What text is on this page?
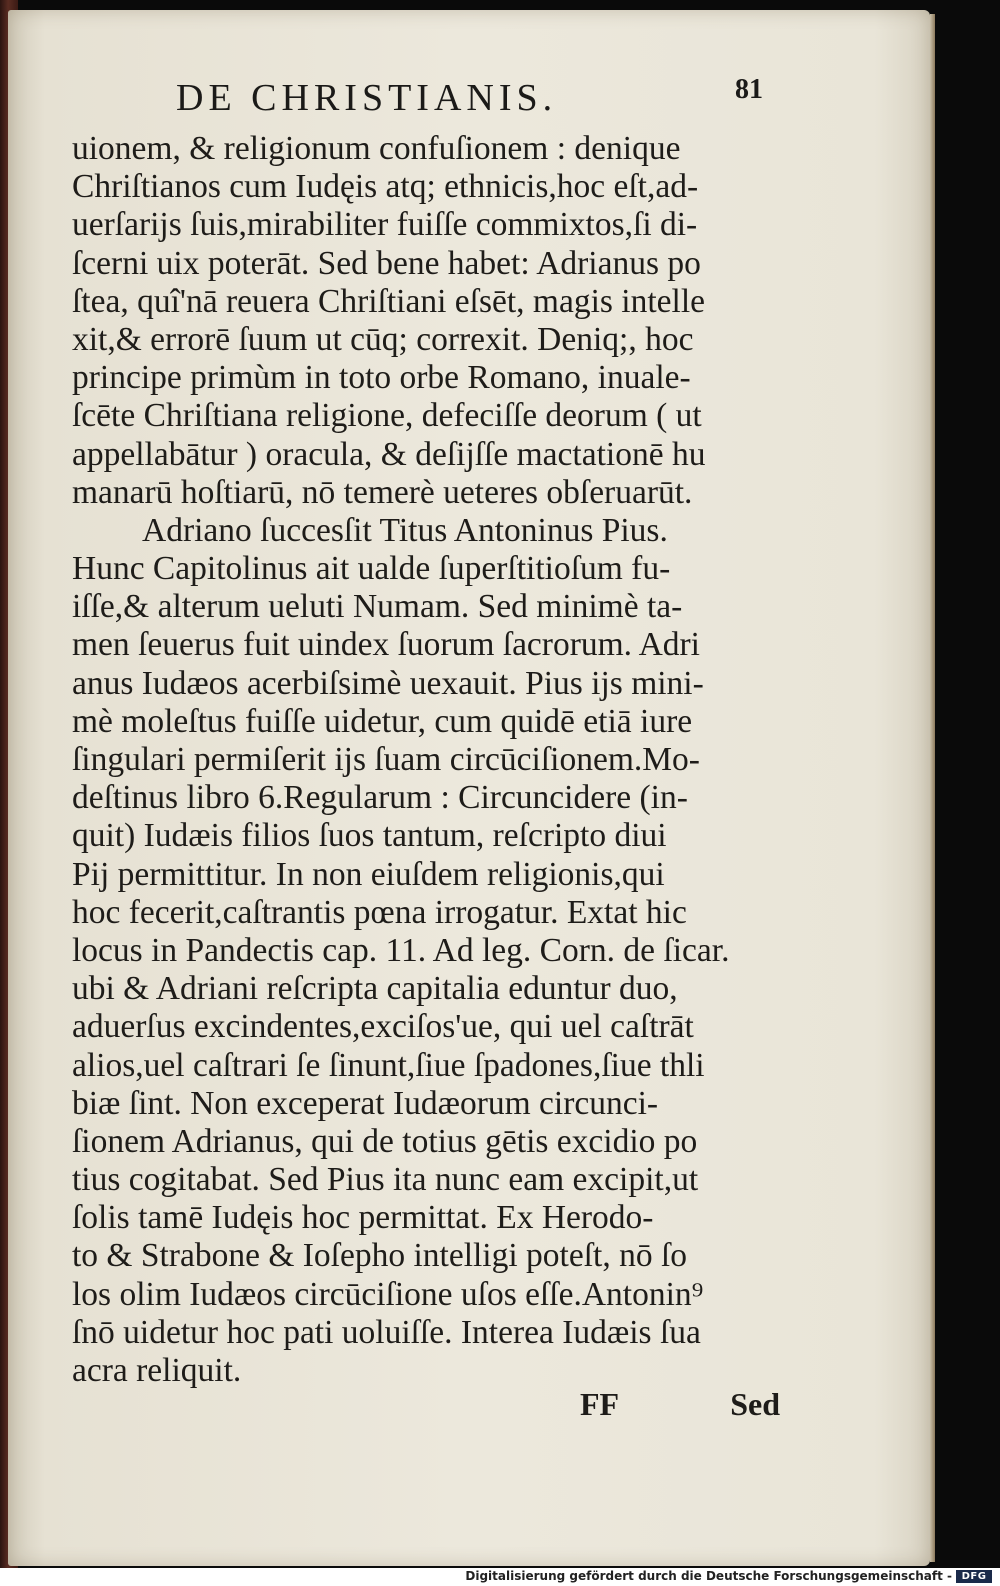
DE CHRISTIANIS.	81
uionem, & religionum confuſionem : denique
Chriſtianos cum Iudęis atq; ethnicis,hoc eſt,ad-
uerſarijs ſuis,mirabiliter fuiſſe commixtos,ſi di-
ſcerni uix poterāt. Sed bene habet: Adrianus po
ſtea, quî'nā reuera Chriſtiani eſsēt, magis intelle
xit,& errorē ſuum ut cūq; correxit. Deniq;, hoc
principe primùm in toto orbe Romano, inuale-
ſcēte Chriſtiana religione, defeciſſe deorum ( ut
appellabātur ) oracula, & deſijſſe mactationē hu
manarū hoſtiarū, nō temerè ueteres obſeruarūt.
Adriano ſuccesſit Titus Antoninus Pius.
Hunc Capitolinus ait ualde ſuperſtitioſum fu-
iſſe,& alterum ueluti Numam. Sed minimè ta-
men ſeuerus fuit uindex ſuorum ſacrorum. Adri
anus Iudæos acerbiſsimè uexauit. Pius ijs mini-
mè moleſtus fuiſſe uidetur, cum quidē etiā iure
ſingulari permiſerit ijs ſuam circūciſionem.Mo-
deſtinus libro 6.Regularum : Circuncidere (in-
quit) Iudæis filios ſuos tantum, reſcripto diui
Pij permittitur. In non eiuſdem religionis,qui
hoc fecerit,caſtrantis pœna irrogatur. Extat hic
locus in Pandectis cap. 11. Ad leg. Corn. de ſicar.
ubi & Adriani reſcripta capitalia eduntur duo,
aduerſus excindentes,exciſos'ue, qui uel caſtrāt
alios,uel caſtrari ſe ſinunt,ſiue ſpadones,ſiue thli
biæ ſint. Non exceperat Iudæorum circunci-
ſionem Adrianus, qui de totius gētis excidio po
tius cogitabat. Sed Pius ita nunc eam excipit,ut
ſolis tamē Iudęis hoc permittat. Ex Herodo-
to & Strabone & Ioſepho intelligi poteſt, nō ſo
los olim Iudæos circūciſione uſos eſſe.Antonin⁹
ſnō uidetur hoc pati uoluiſſe. Interea Iudæis ſua
acra reliquit.
FF	Sed
Digitalisierung gefördert durch die Deutsche Forschungsgemeinschaft - DFG
